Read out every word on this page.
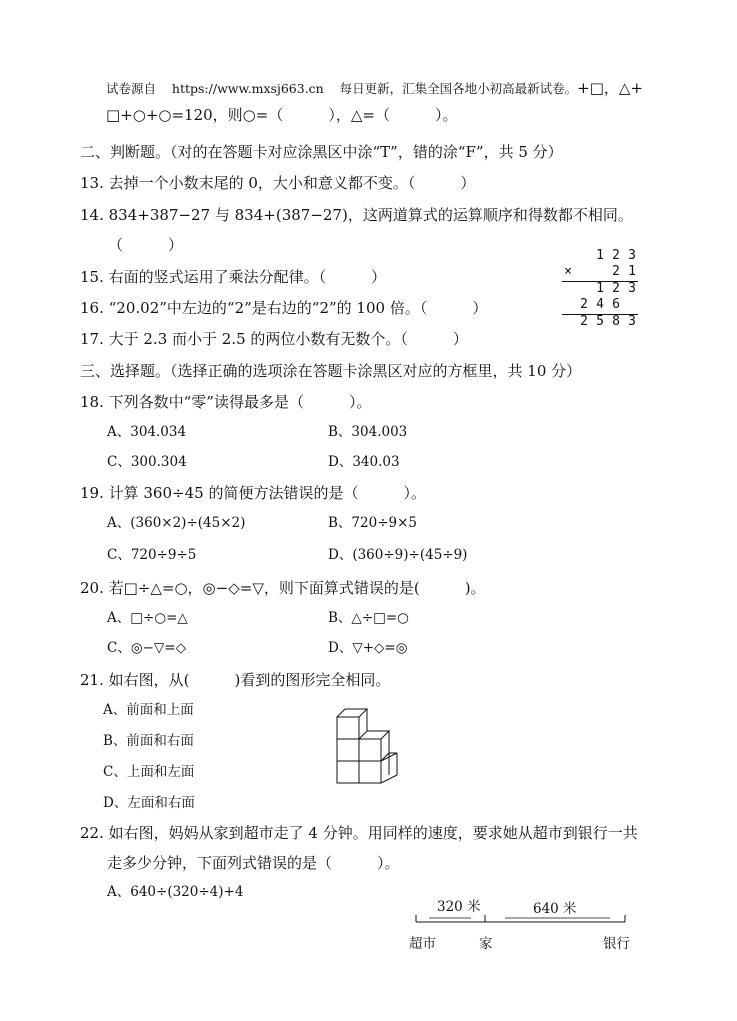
试卷源自 https://www.mxsj663.cn 每日更新，汇集全国各地小初高最新试卷。+□，△+
□+○+○=120，则○=（　　　），△=（　　　）。
二、判断题。（对的在答题卡对应涂黑区中涂“T”，错的涂“F”，共 5 分）
13. 去掉一个小数末尾的 0，大小和意义都不变。（　　　）
14. 834+387−27 与 834+(387−27)，这两道算式的运算顺序和得数都不相同。
（　　　）
15. 右面的竖式运用了乘法分配律。（　　　）
16. “20.02”中左边的“2”是右边的“2”的 100 倍。（　　　）
17. 大于 2.3 而小于 2.5 的两位小数有无数个。（　　　）
1 2 3
×	2 1
1 2 3
2 4 6
2 5 8 3
三、选择题。（选择正确的选项涂在答题卡涂黑区对应的方框里，共 10 分）
18. 下列各数中“零”读得最多是（　　　）。
A、304.034	B、304.003
C、300.304	D、340.03
19. 计算 360÷45 的简便方法错误的是（　　　）。
A、(360×2)÷(45×2)	B、720÷9×5
C、720÷9÷5	D、(360÷9)÷(45÷9)
20. 若□÷△=○，◎−◇=▽，则下面算式错误的是(　　　)。
A、□÷○=△	B、△÷□=○
C、◎−▽=◇	D、▽+◇=◎
21. 如右图，从(　　　)看到的图形完全相同。
A、前面和上面
B、前面和右面
C、上面和左面
D、左面和右面
22. 如右图，妈妈从家到超市走了 4 分钟。用同样的速度，要求她从超市到银行一共
走多少分钟，下面列式错误的是（　　　）。
A、640÷(320÷4)+4
320 米	640 米
超市	家	银行
